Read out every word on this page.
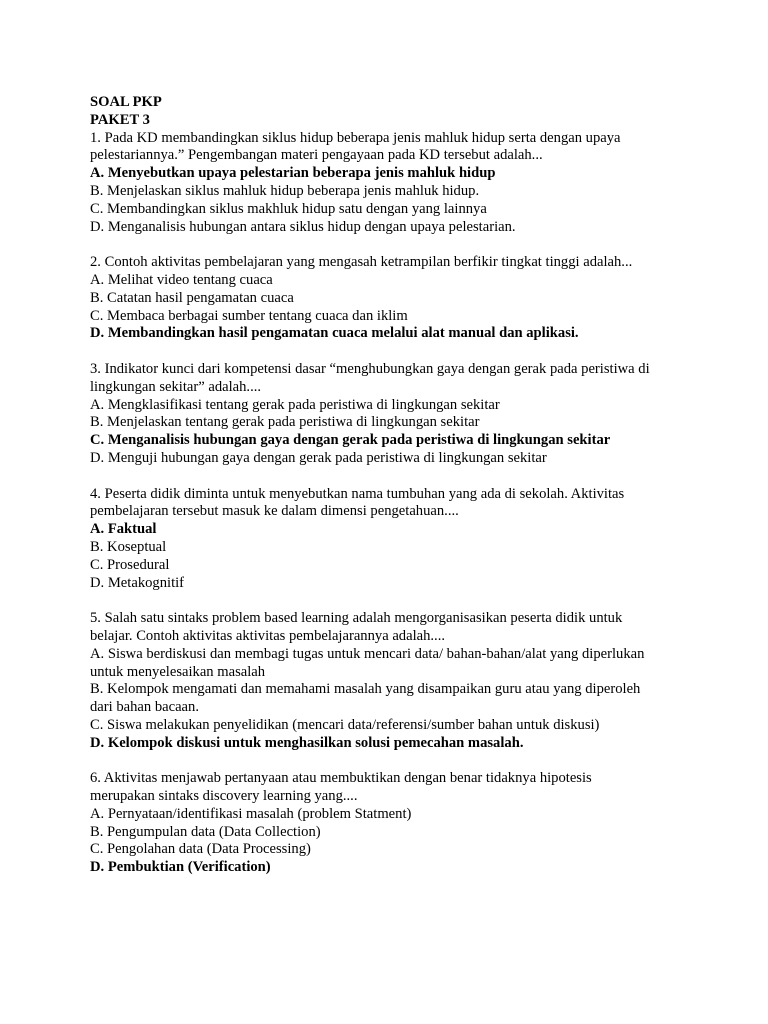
SOAL PKP
PAKET 3
1. Pada KD membandingkan siklus hidup beberapa jenis mahluk hidup serta dengan upaya
pelestariannya.” Pengembangan materi pengayaan pada KD tersebut adalah...
A. Menyebutkan upaya pelestarian beberapa jenis mahluk hidup
B. Menjelaskan siklus mahluk hidup beberapa jenis mahluk hidup.
C. Membandingkan siklus makhluk hidup satu dengan yang lainnya
D. Menganalisis hubungan antara siklus hidup dengan upaya pelestarian.
2. Contoh aktivitas pembelajaran yang mengasah ketrampilan berfikir tingkat tinggi adalah...
A. Melihat video tentang cuaca
B. Catatan hasil pengamatan cuaca
C. Membaca berbagai sumber tentang cuaca dan iklim
D. Membandingkan hasil pengamatan cuaca melalui alat manual dan aplikasi.
3. Indikator kunci dari kompetensi dasar “menghubungkan gaya dengan gerak pada peristiwa di
lingkungan sekitar” adalah....
A. Mengklasifikasi tentang gerak pada peristiwa di lingkungan sekitar
B. Menjelaskan tentang gerak pada peristiwa di lingkungan sekitar
C. Menganalisis hubungan gaya dengan gerak pada peristiwa di lingkungan sekitar
D. Menguji hubungan gaya dengan gerak pada peristiwa di lingkungan sekitar
4. Peserta didik diminta untuk menyebutkan nama tumbuhan yang ada di sekolah. Aktivitas
pembelajaran tersebut masuk ke dalam dimensi pengetahuan....
A. Faktual
B. Koseptual
C. Prosedural
D. Metakognitif
5. Salah satu sintaks problem based learning adalah mengorganisasikan peserta didik untuk
belajar. Contoh aktivitas aktivitas pembelajarannya adalah....
A. Siswa berdiskusi dan membagi tugas untuk mencari data/ bahan-bahan/alat yang diperlukan
untuk menyelesaikan masalah
B. Kelompok mengamati dan memahami masalah yang disampaikan guru atau yang diperoleh
dari bahan bacaan.
C. Siswa melakukan penyelidikan (mencari data/referensi/sumber bahan untuk diskusi)
D. Kelompok diskusi untuk menghasilkan solusi pemecahan masalah.
6. Aktivitas menjawab pertanyaan atau membuktikan dengan benar tidaknya hipotesis
merupakan sintaks discovery learning yang....
A. Pernyataan/identifikasi masalah (problem Statment)
B. Pengumpulan data (Data Collection)
C. Pengolahan data (Data Processing)
D. Pembuktian (Verification)
